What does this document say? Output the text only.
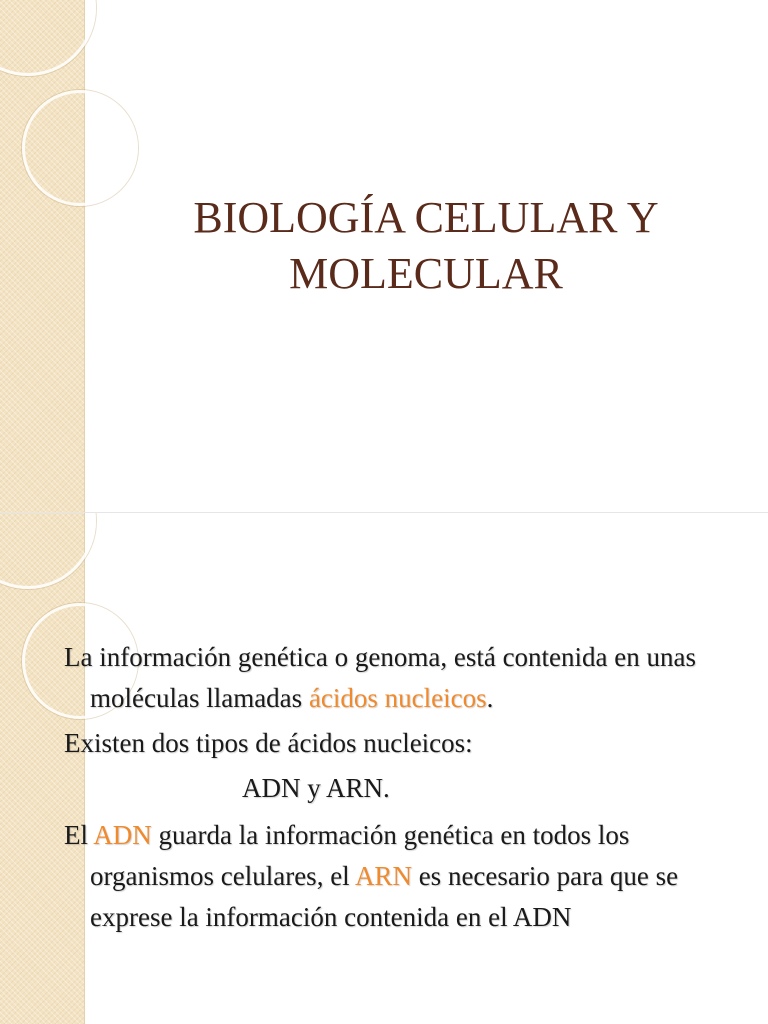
BIOLOGÍA CELULAR Y
MOLECULAR

La información genética o genoma, está contenida en unas moléculas llamadas ácidos nucleicos.

Existen dos tipos de ácidos nucleicos:

ADN y ARN.

El ADN guarda la información genética en todos los organismos celulares, el ARN es necesario para que se exprese la información contenida en el ADN
